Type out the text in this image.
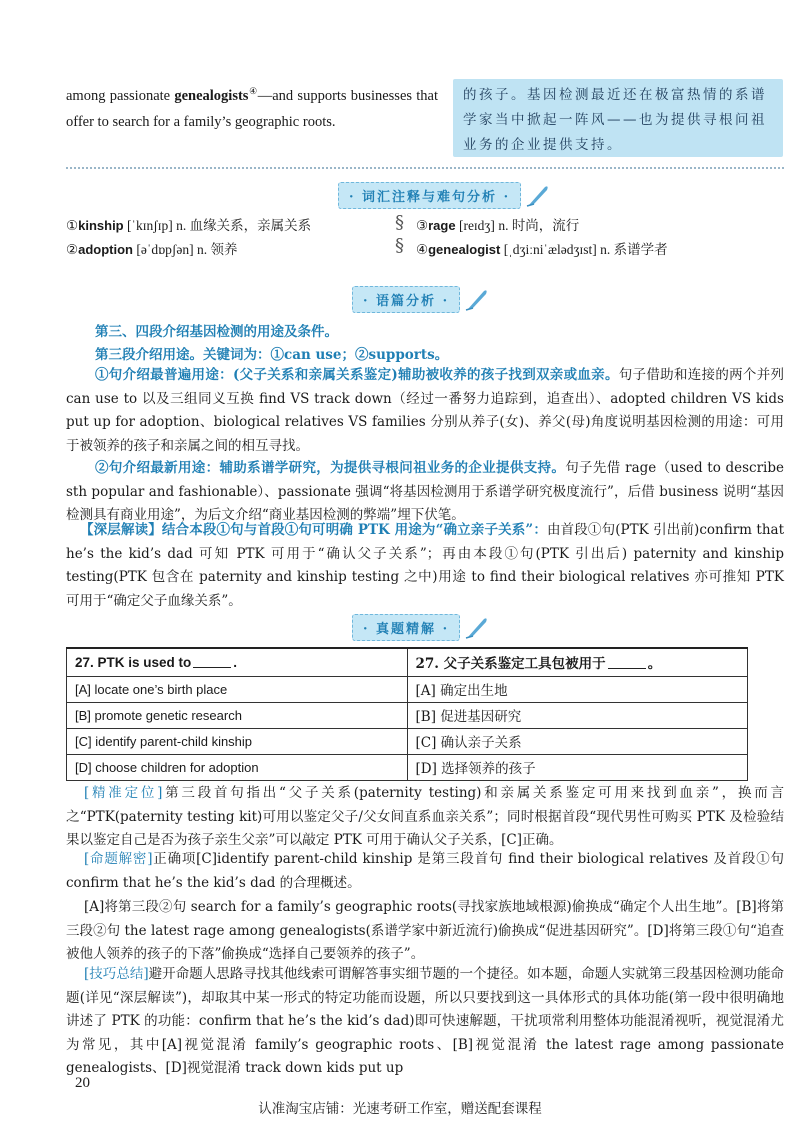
among passionate genealogists④—and supports businesses that offer to search for a family’s geographic roots.
的孩子。基因检测最近还在极富热情的系谱学家当中掀起一阵风——也为提供寻根问祖业务的企业提供支持。
· 词汇注释与难句分析 ·
①kinship [ˈkɪnʃɪp] n. 血缘关系，亲属关系
②adoption [əˈdɒpʃən] n. 领养
§
§
③rage [reɪdʒ] n. 时尚，流行
④genealogist [ˌdʒiːniˈælədʒɪst] n. 系谱学者
· 语篇分析 ·
第三、四段介绍基因检测的用途及条件。
第三段介绍用途。关键词为：①can use；②supports。
①句介绍最普遍用途：(父子关系和亲属关系鉴定)辅助被收养的孩子找到双亲或血亲。句子借助和连接的两个并列 can use to 以及三组同义互换 find VS track down（经过一番努力追踪到，追查出）、adopted children VS kids put up for adoption、biological relatives VS families 分别从养子(女)、养父(母)角度说明基因检测的用途：可用于被领养的孩子和亲属之间的相互寻找。
②句介绍最新用途：辅助系谱学研究，为提供寻根问祖业务的企业提供支持。句子先借 rage（used to describe sth popular and fashionable）、passionate 强调“将基因检测用于系谱学研究极度流行”，后借 business 说明“基因检测具有商业用途”，为后文介绍“商业基因检测的弊端”埋下伏笔。
【深层解读】结合本段①句与首段①句可明确 PTK 用途为“确立亲子关系”：由首段①句(PTK 引出前)confirm that he’s the kid’s dad 可知 PTK 可用于“确认父子关系”；再由本段①句(PTK 引出后) paternity and kinship testing(PTK 包含在 paternity and kinship testing 之中)用途 to find their biological relatives 亦可推知 PTK 可用于“确定父子血缘关系”。
· 真题精解 ·
27. PTK is used to .	27. 父子关系鉴定工具包被用于 。
[A] locate one’s birth place	[A] 确定出生地
[B] promote genetic research	[B] 促进基因研究
[C] identify parent-child kinship	[C] 确认亲子关系
[D] choose children for adoption	[D] 选择领养的孩子
[精准定位]第三段首句指出“父子关系(paternity testing)和亲属关系鉴定可用来找到血亲”，换而言之“PTK(paternity testing kit)可用以鉴定父子/父女间直系血亲关系”；同时根据首段“现代男性可购买 PTK 及检验结果以鉴定自己是否为孩子亲生父亲”可以敲定 PTK 可用于确认父子关系，[C]正确。
[命题解密]正确项[C]identify parent-child kinship 是第三段首句 find their biological relatives 及首段①句 confirm that he’s the kid’s dad 的合理概述。
[A]将第三段②句 search for a family’s geographic roots(寻找家族地域根源)偷换成“确定个人出生地”。[B]将第三段②句 the latest rage among genealogists(系谱学家中新近流行)偷换成“促进基因研究”。[D]将第三段①句“追查被他人领养的孩子的下落”偷换成“选择自己要领养的孩子”。
[技巧总结]避开命题人思路寻找其他线索可谓解答事实细节题的一个捷径。如本题，命题人实就第三段基因检测功能命题(详见“深层解读”)，却取其中某一形式的特定功能而设题，所以只要找到这一具体形式的具体功能(第一段中很明确地讲述了 PTK 的功能：confirm that he’s the kid’s dad)即可快速解题，干扰项常利用整体功能混淆视听，视觉混淆尤为常见，其中[A]视觉混淆 family’s geographic roots、[B]视觉混淆 the latest rage among passionate genealogists、[D]视觉混淆 track down kids put up
20
认准淘宝店铺：光速考研工作室，赠送配套课程
